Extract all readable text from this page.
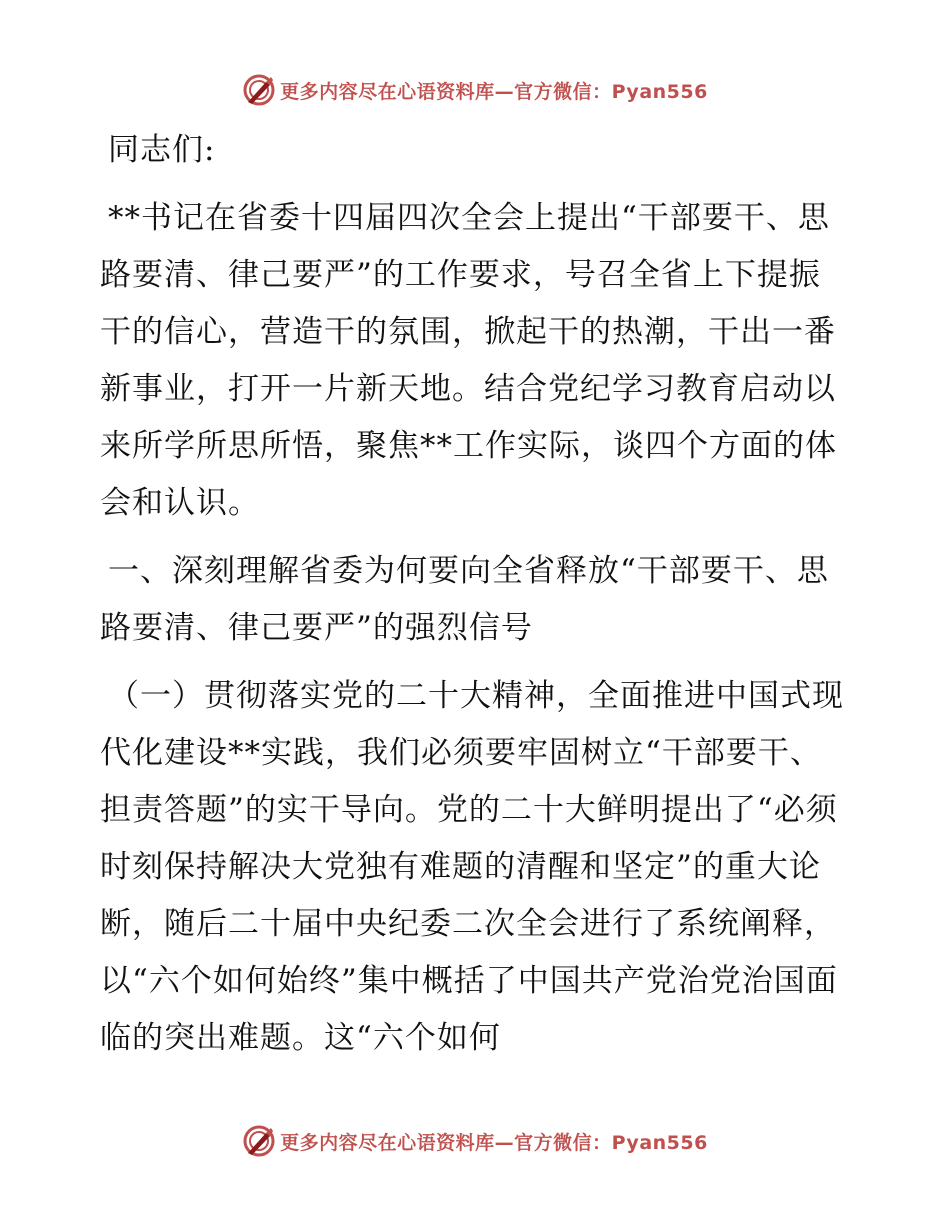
更多内容尽在心语资料库—官方微信：Pyan556

同志们:

**书记在省委十四届四次全会上提出“干部要干、思路要清、律己要严”的工作要求，号召全省上下提振干的信心，营造干的氛围，掀起干的热潮，干出一番新事业，打开一片新天地。结合党纪学习教育启动以来所学所思所悟，聚焦**工作实际，谈四个方面的体会和认识。

一、深刻理解省委为何要向全省释放“干部要干、思路要清、律己要严”的强烈信号

（一）贯彻落实党的二十大精神，全面推进中国式现代化建设**实践，我们必须要牢固树立“干部要干、担责答题”的实干导向。党的二十大鲜明提出了“必须时刻保持解决大党独有难题的清醒和坚定”的重大论断，随后二十届中央纪委二次全会进行了系统阐释，以“六个如何始终”集中概括了中国共产党治党治国面临的突出难题。这“六个如何

更多内容尽在心语资料库—官方微信：Pyan556
